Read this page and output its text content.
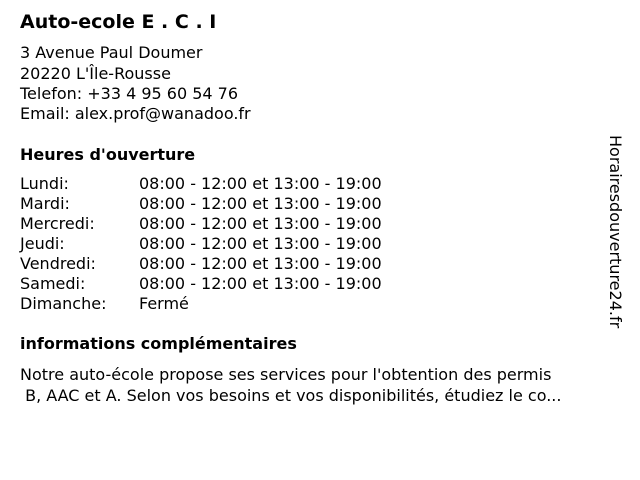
Auto-ecole E . C . I
3 Avenue Paul Doumer
20220 L'Île-Rousse
Telefon: +33 4 95 60 54 76
Email: alex.prof@wanadoo.fr
Heures d'ouverture
Lundi:	08:00 - 12:00 et 13:00 - 19:00
Mardi:	08:00 - 12:00 et 13:00 - 19:00
Mercredi:	08:00 - 12:00 et 13:00 - 19:00
Jeudi:	08:00 - 12:00 et 13:00 - 19:00
Vendredi:	08:00 - 12:00 et 13:00 - 19:00
Samedi:	08:00 - 12:00 et 13:00 - 19:00
Dimanche: Fermé
informations complémentaires
Notre auto-école propose ses services pour l'obtention des permis
B, AAC et A. Selon vos besoins et vos disponibilités, étudiez le co...
Horairesdouverture24.fr
